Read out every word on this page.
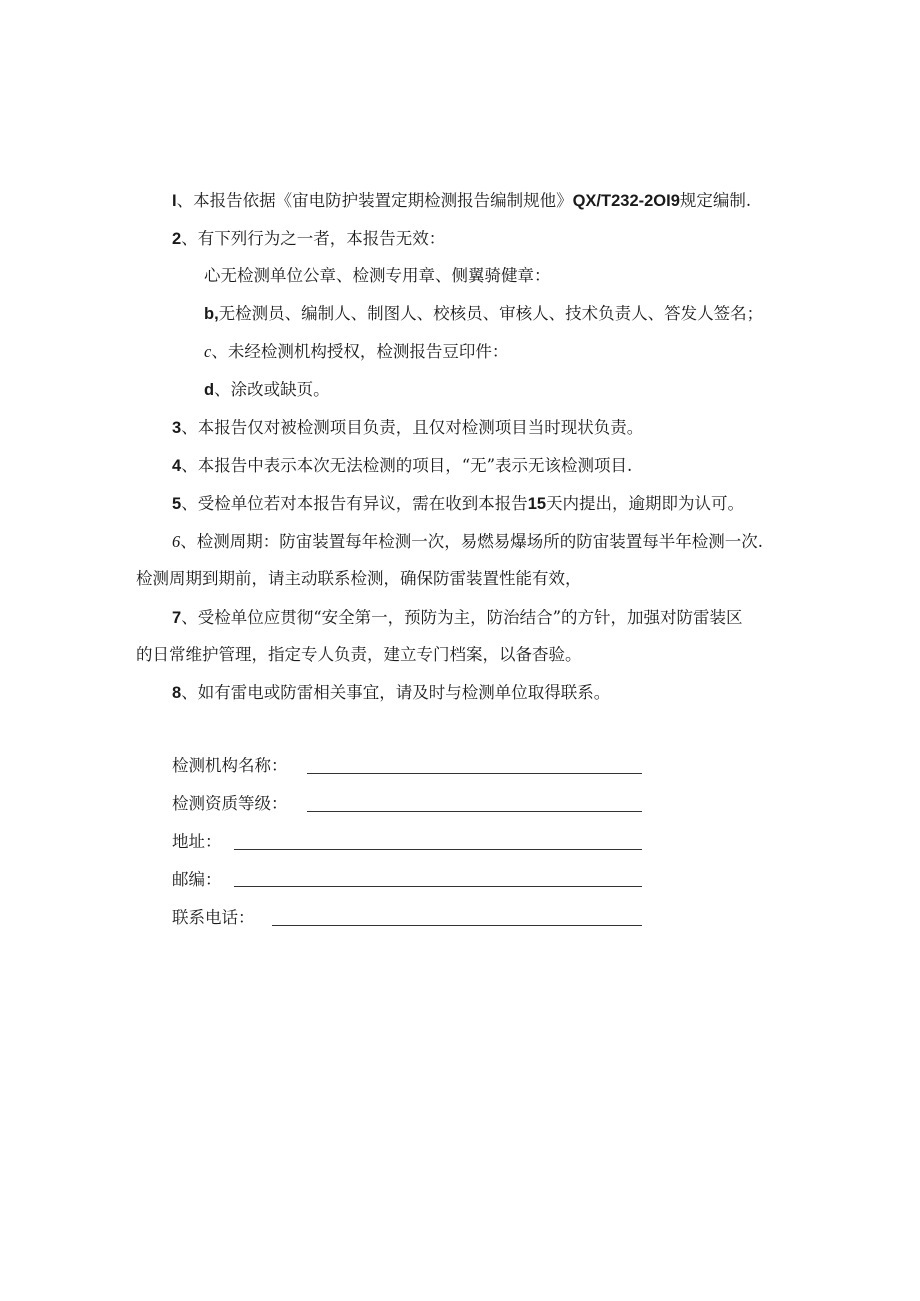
I、本报告依据《宙电防护装置定期检测报告编制规他》QX/T232-2OI9规定编制.
2、有下列行为之一者，本报告无效：
心无检测单位公章、检测专用章、侧翼骑健章：
b,无检测员、编制人、制图人、校核员、审核人、技术负责人、答发人签名；
c、未经检测机构授权，检测报告豆印件：
d、涂改或缺页。
3、本报告仅对被检测项目负责，且仅对检测项目当时现状负责。
4、本报告中表示本次无法检测的项目，“无”表示无该检测项目.
5、受检单位若对本报告有异议，需在收到本报告15天内提出，逾期即为认可。
6、检测周期：防宙装置每年检测一次，易燃易爆场所的防宙装置每半年检测一次.
检测周期到期前，请主动联系检测，确保防雷装置性能有效，
7、受检单位应贯彻“安全第一，预防为主，防治结合”的方针，加强对防雷装区
的日常维护管理，指定专人负责，建立专门档案，以备杳验。
8、如有雷电或防雷相关事宜，请及时与检测单位取得联系。
检测机构名称：
检测资质等级：
地址：
邮编：
联系电话：
